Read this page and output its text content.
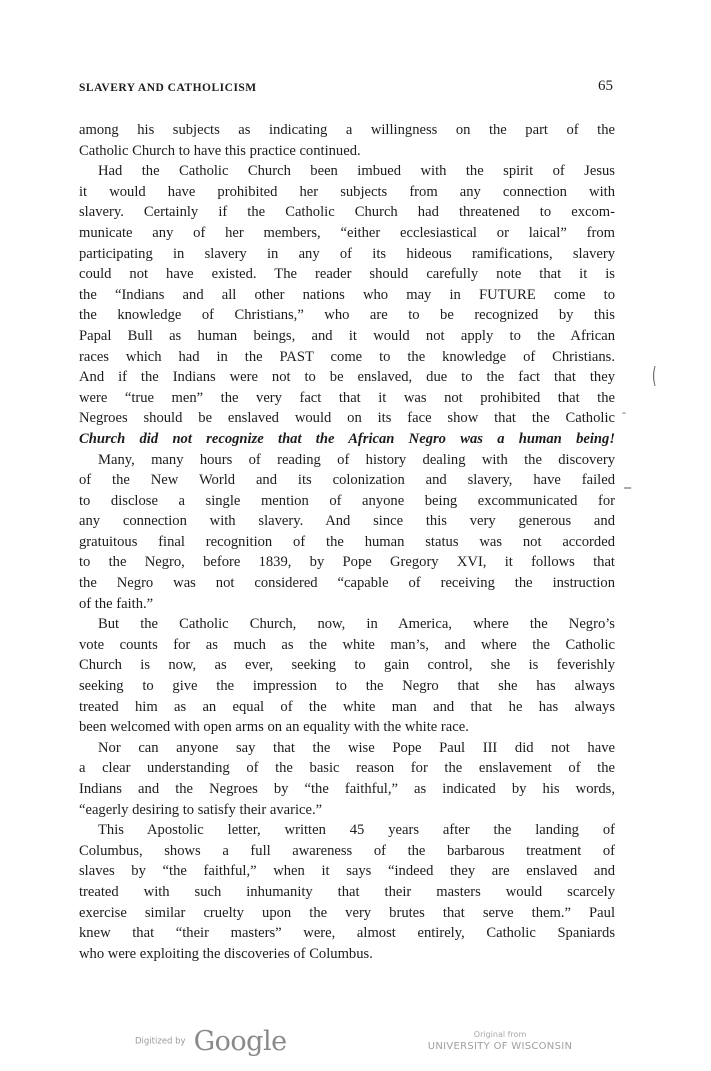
SLAVERY AND CATHOLICISM	65
among his subjects as indicating a willingness on the part of the
Catholic Church to have this practice continued.
Had the Catholic Church been imbued with the spirit of Jesus
it would have prohibited her subjects from any connection with
slavery. Certainly if the Catholic Church had threatened to excom-
municate any of her members, “either ecclesiastical or laical” from
participating in slavery in any of its hideous ramifications, slavery
could not have existed. The reader should carefully note that it is
the “Indians and all other nations who may in FUTURE come to
the knowledge of Christians,” who are to be recognized by this
Papal Bull as human beings, and it would not apply to the African
races which had in the PAST come to the knowledge of Christians.
And if the Indians were not to be enslaved, due to the fact that they
were “true men” the very fact that it was not prohibited that the
Negroes should be enslaved would on its face show that the Catholic
Church did not recognize that the African Negro was a human being!
Many, many hours of reading of history dealing with the discovery
of the New World and its colonization and slavery, have failed
to disclose a single mention of anyone being excommunicated for
any connection with slavery. And since this very generous and
gratuitous final recognition of the human status was not accorded
to the Negro, before 1839, by Pope Gregory XVI, it follows that
the Negro was not considered “capable of receiving the instruction
of the faith.”
But the Catholic Church, now, in America, where the Negro’s
vote counts for as much as the white man’s, and where the Catholic
Church is now, as ever, seeking to gain control, she is feverishly
seeking to give the impression to the Negro that she has always
treated him as an equal of the white man and that he has always
been welcomed with open arms on an equality with the white race.
Nor can anyone say that the wise Pope Paul III did not have
a clear understanding of the basic reason for the enslavement of the
Indians and the Negroes by “the faithful,” as indicated by his words,
“eagerly desiring to satisfy their avarice.”
This Apostolic letter, written 45 years after the landing of
Columbus, shows a full awareness of the barbarous treatment of
slaves by “the faithful,” when it says “indeed they are enslaved and
treated with such inhumanity that their masters would scarcely
exercise similar cruelty upon the very brutes that serve them.” Paul
knew that “their masters” were, almost entirely, Catholic Spaniards
who were exploiting the discoveries of Columbus.
(
-
_
Digitized by Google	Original from
UNIVERSITY OF WISCONSIN
